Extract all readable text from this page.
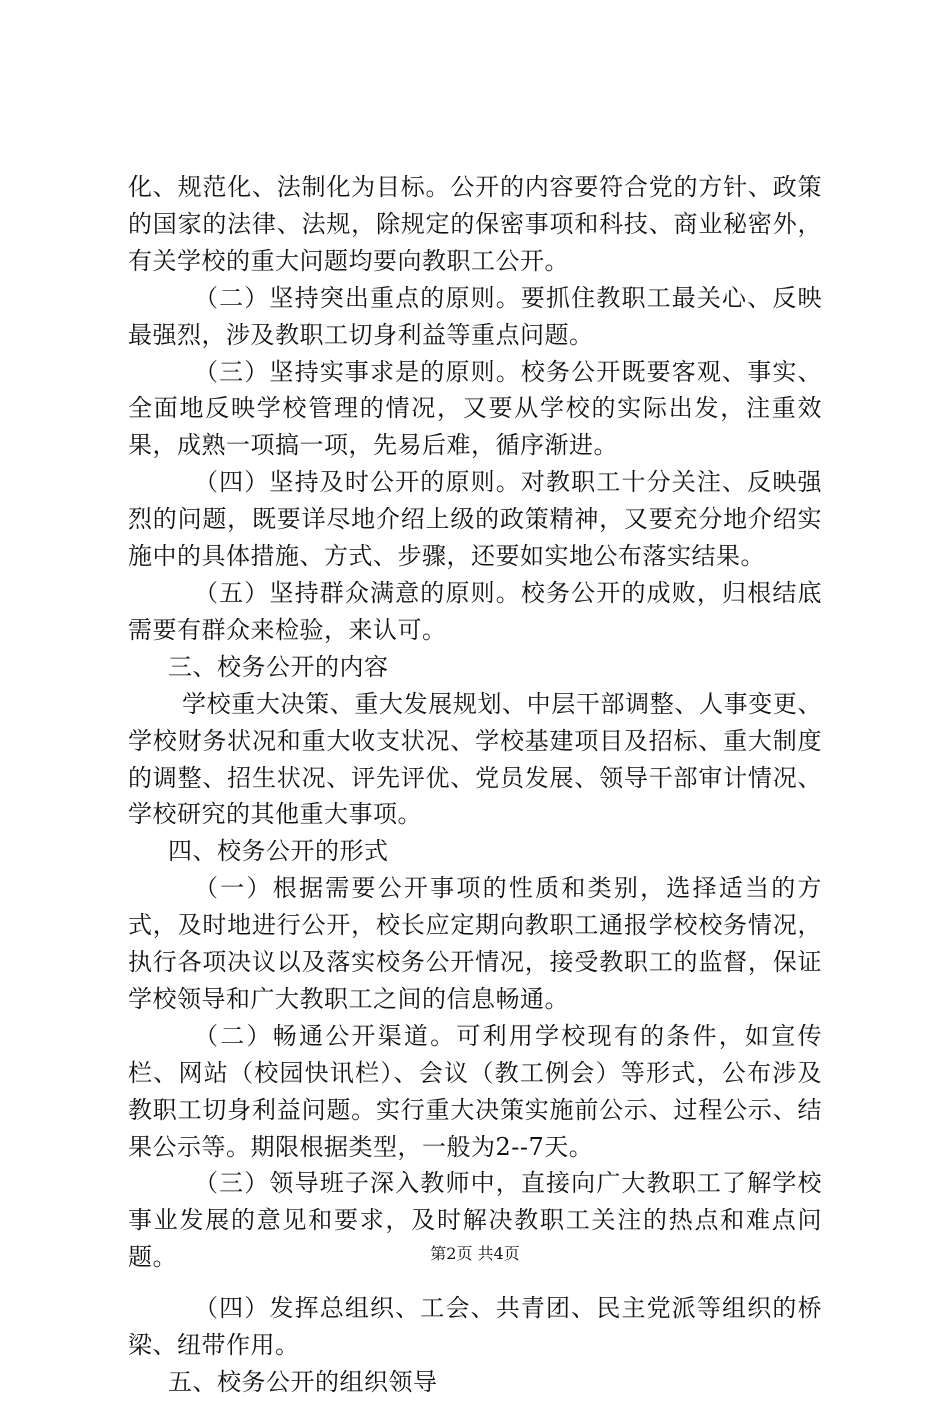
化、规范化、法制化为目标。公开的内容要符合党的方针、政策的国家的法律、法规，除规定的保密事项和科技、商业秘密外，有关学校的重大问题均要向教职工公开。

（二）坚持突出重点的原则。要抓住教职工最关心、反映最强烈，涉及教职工切身利益等重点问题。

（三）坚持实事求是的原则。校务公开既要客观、事实、全面地反映学校管理的情况，又要从学校的实际出发，注重效果，成熟一项搞一项，先易后难，循序渐进。

（四）坚持及时公开的原则。对教职工十分关注、反映强烈的问题，既要详尽地介绍上级的政策精神，又要充分地介绍实施中的具体措施、方式、步骤，还要如实地公布落实结果。

（五）坚持群众满意的原则。校务公开的成败，归根结底需要有群众来检验，来认可。

三、校务公开的内容

学校重大决策、重大发展规划、中层干部调整、人事变更、学校财务状况和重大收支状况、学校基建项目及招标、重大制度的调整、招生状况、评先评优、党员发展、领导干部审计情况、学校研究的其他重大事项。

四、校务公开的形式

（一）根据需要公开事项的性质和类别，选择适当的方式，及时地进行公开，校长应定期向教职工通报学校校务情况，执行各项决议以及落实校务公开情况，接受教职工的监督，保证学校领导和广大教职工之间的信息畅通。

（二）畅通公开渠道。可利用学校现有的条件，如宣传栏、网站（校园快讯栏）、会议（教工例会）等形式，公布涉及教职工切身利益问题。实行重大决策实施前公示、过程公示、结果公示等。期限根据类型，一般为2--7天。

（三）领导班子深入教师中，直接向广大教职工了解学校事业发展的意见和要求，及时解决教职工关注的热点和难点问题。

（四）发挥总组织、工会、共青团、民主党派等组织的桥梁、纽带作用。

五、校务公开的组织领导

第2页 共4页
